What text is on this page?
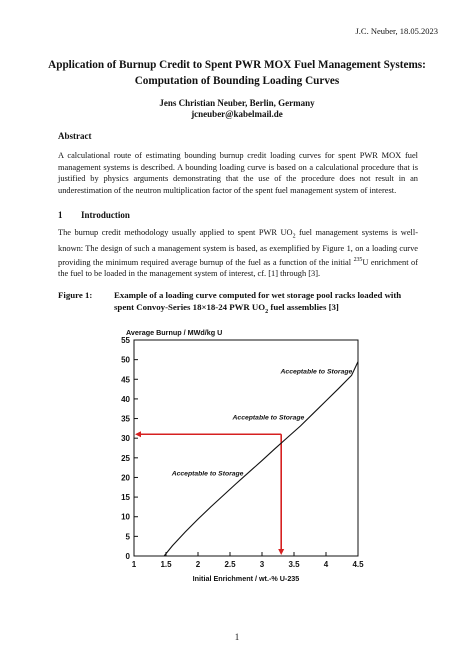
J.C. Neuber, 18.05.2023
Application of Burnup Credit to Spent PWR MOX Fuel Management Systems:
Computation of Bounding Loading Curves
Jens Christian Neuber, Berlin, Germany
jcneuber@kabelmail.de
Abstract
A calculational route of estimating bounding burnup credit loading curves for spent PWR MOX fuel management systems is described. A bounding loading curve is based on a calculational procedure that is justified by physics arguments demonstrating that the use of the procedure does not result in an underestimation of the neutron multiplication factor of the spent fuel management system of interest.
1 Introduction
The burnup credit methodology usually applied to spent PWR $UO_2$ fuel management systems is well-known: The design of such a management system is based, as exemplified by Figure 1, on a loading curve providing the minimum required average burnup of the fuel as a function of the initial $^{235}$U enrichment of the fuel to be loaded in the management system of interest, cf. [1] through [3].
Figure 1: Example of a loading curve computed for wet storage pool racks loaded with spent Convoy-Series 18×18-24 PWR $UO_2$ fuel assemblies [3]
Average Burnup / MWd/kg U
0
5
10
15
20
25
30
35
40
45
50
55
1	1.5	2	2.5	3	3.5	4	4.5
Acceptable to Storage
Acceptable to Storage
Acceptable to Storage
Initial Enrichment / wt.-% U-235
1
